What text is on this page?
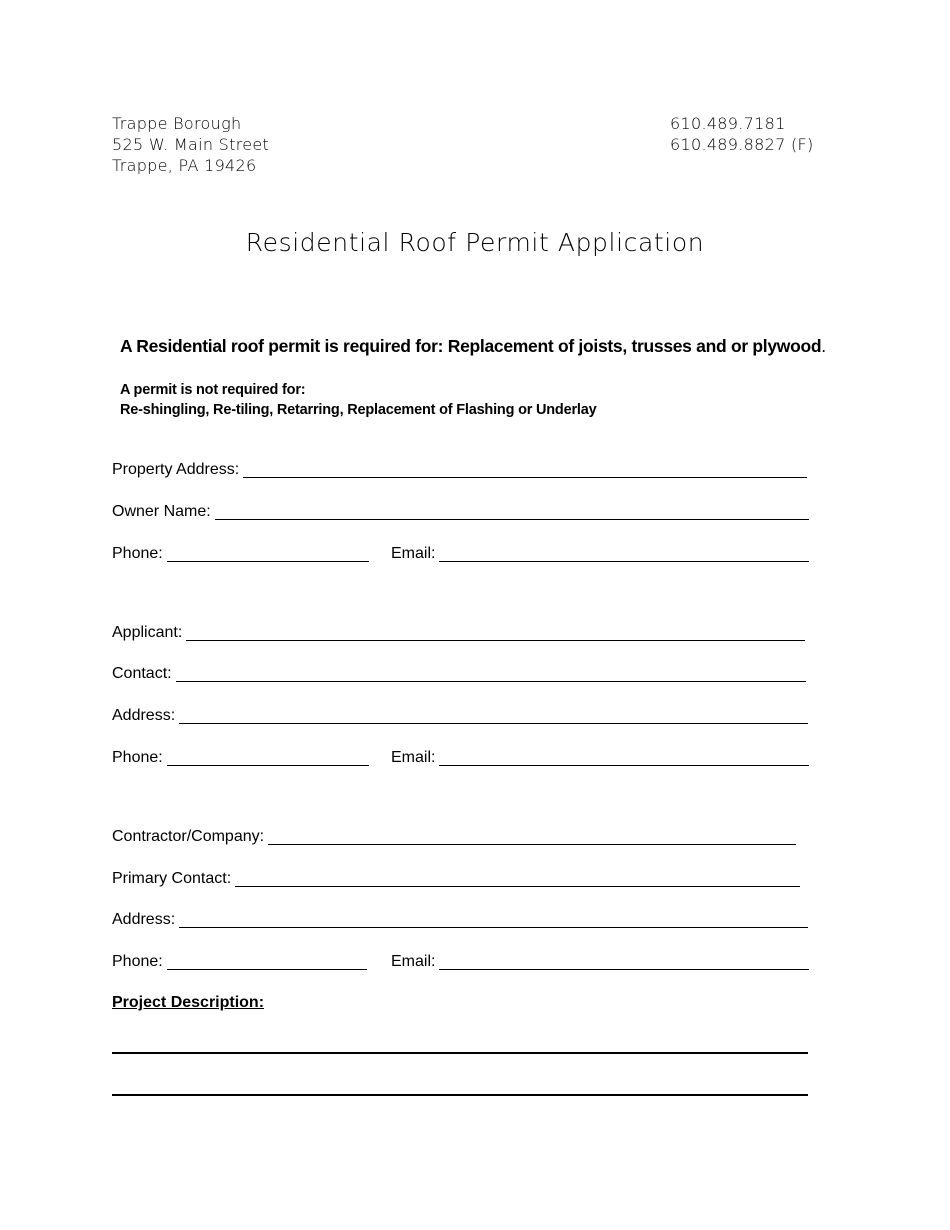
Trappe Borough
525 W. Main Street
Trappe, PA 19426
610.489.7181
610.489.8827 (F)
Residential Roof Permit Application
A Residential roof permit is required for: Replacement of joists, trusses and or plywood.
A permit is not required for:
Re-shingling, Re-tiling, Retarring, Replacement of Flashing or Underlay
Property Address:
Owner Name:
Phone:	Email:
Applicant:
Contact:
Address:
Phone:	Email:
Contractor/Company:
Primary Contact:
Address:
Phone:	Email:
Project Description:
